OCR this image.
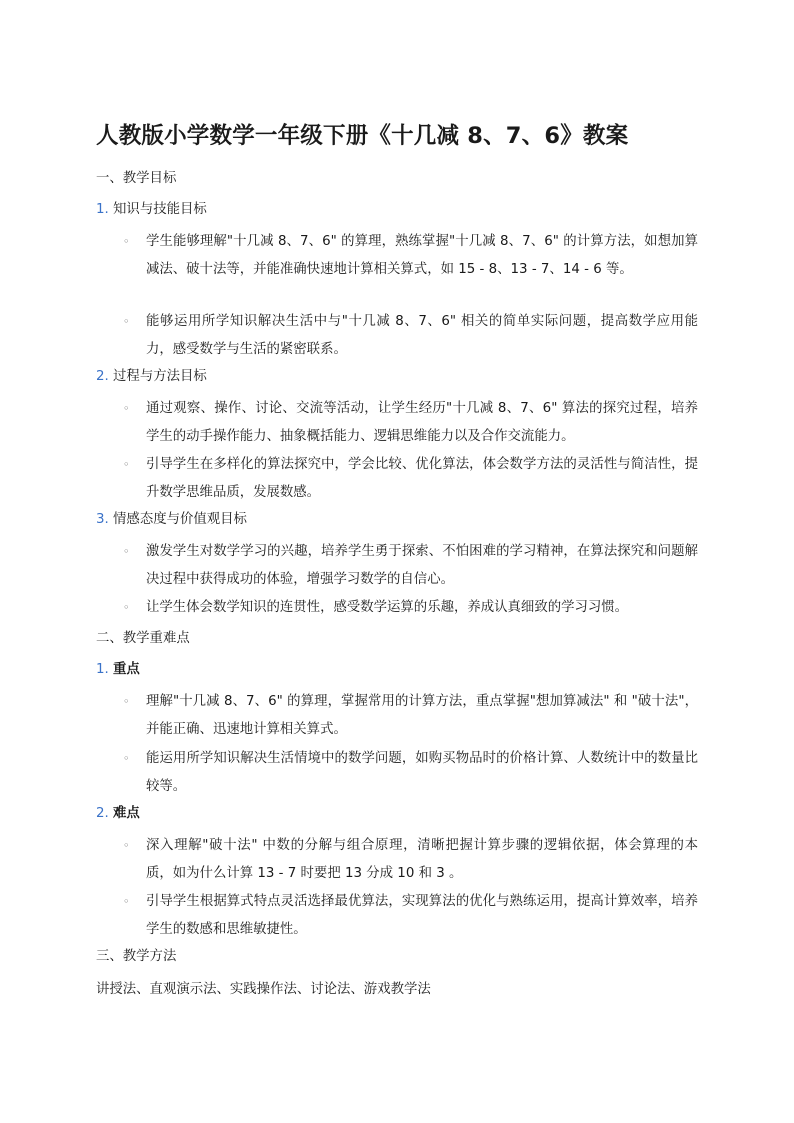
人教版小学数学一年级下册《十几减 8、7、6》教案
一、教学目标
1. 知识与技能目标
◦ 学生能够理解"十几减 8、7、6" 的算理，熟练掌握"十几减 8、7、6" 的计算方法，如想加算减法、破十法等，并能准确快速地计算相关算式，如 15 - 8、13 - 7、14 - 6 等。
◦ 能够运用所学知识解决生活中与"十几减 8、7、6" 相关的简单实际问题，提高数学应用能力，感受数学与生活的紧密联系。
2. 过程与方法目标
◦ 通过观察、操作、讨论、交流等活动，让学生经历"十几减 8、7、6" 算法的探究过程，培养学生的动手操作能力、抽象概括能力、逻辑思维能力以及合作交流能力。
◦ 引导学生在多样化的算法探究中，学会比较、优化算法，体会数学方法的灵活性与简洁性，提升数学思维品质，发展数感。
3. 情感态度与价值观目标
◦ 激发学生对数学学习的兴趣，培养学生勇于探索、不怕困难的学习精神，在算法探究和问题解决过程中获得成功的体验，增强学习数学的自信心。
◦ 让学生体会数学知识的连贯性，感受数学运算的乐趣，养成认真细致的学习习惯。
二、教学重难点
1. 重点
◦ 理解"十几减 8、7、6" 的算理，掌握常用的计算方法，重点掌握"想加算减法" 和 "破十法"，并能正确、迅速地计算相关算式。
◦ 能运用所学知识解决生活情境中的数学问题，如购买物品时的价格计算、人数统计中的数量比较等。
2. 难点
◦ 深入理解"破十法" 中数的分解与组合原理，清晰把握计算步骤的逻辑依据，体会算理的本质，如为什么计算 13 - 7 时要把 13 分成 10 和 3 。
◦ 引导学生根据算式特点灵活选择最优算法，实现算法的优化与熟练运用，提高计算效率，培养学生的数感和思维敏捷性。
三、教学方法
讲授法、直观演示法、实践操作法、讨论法、游戏教学法
